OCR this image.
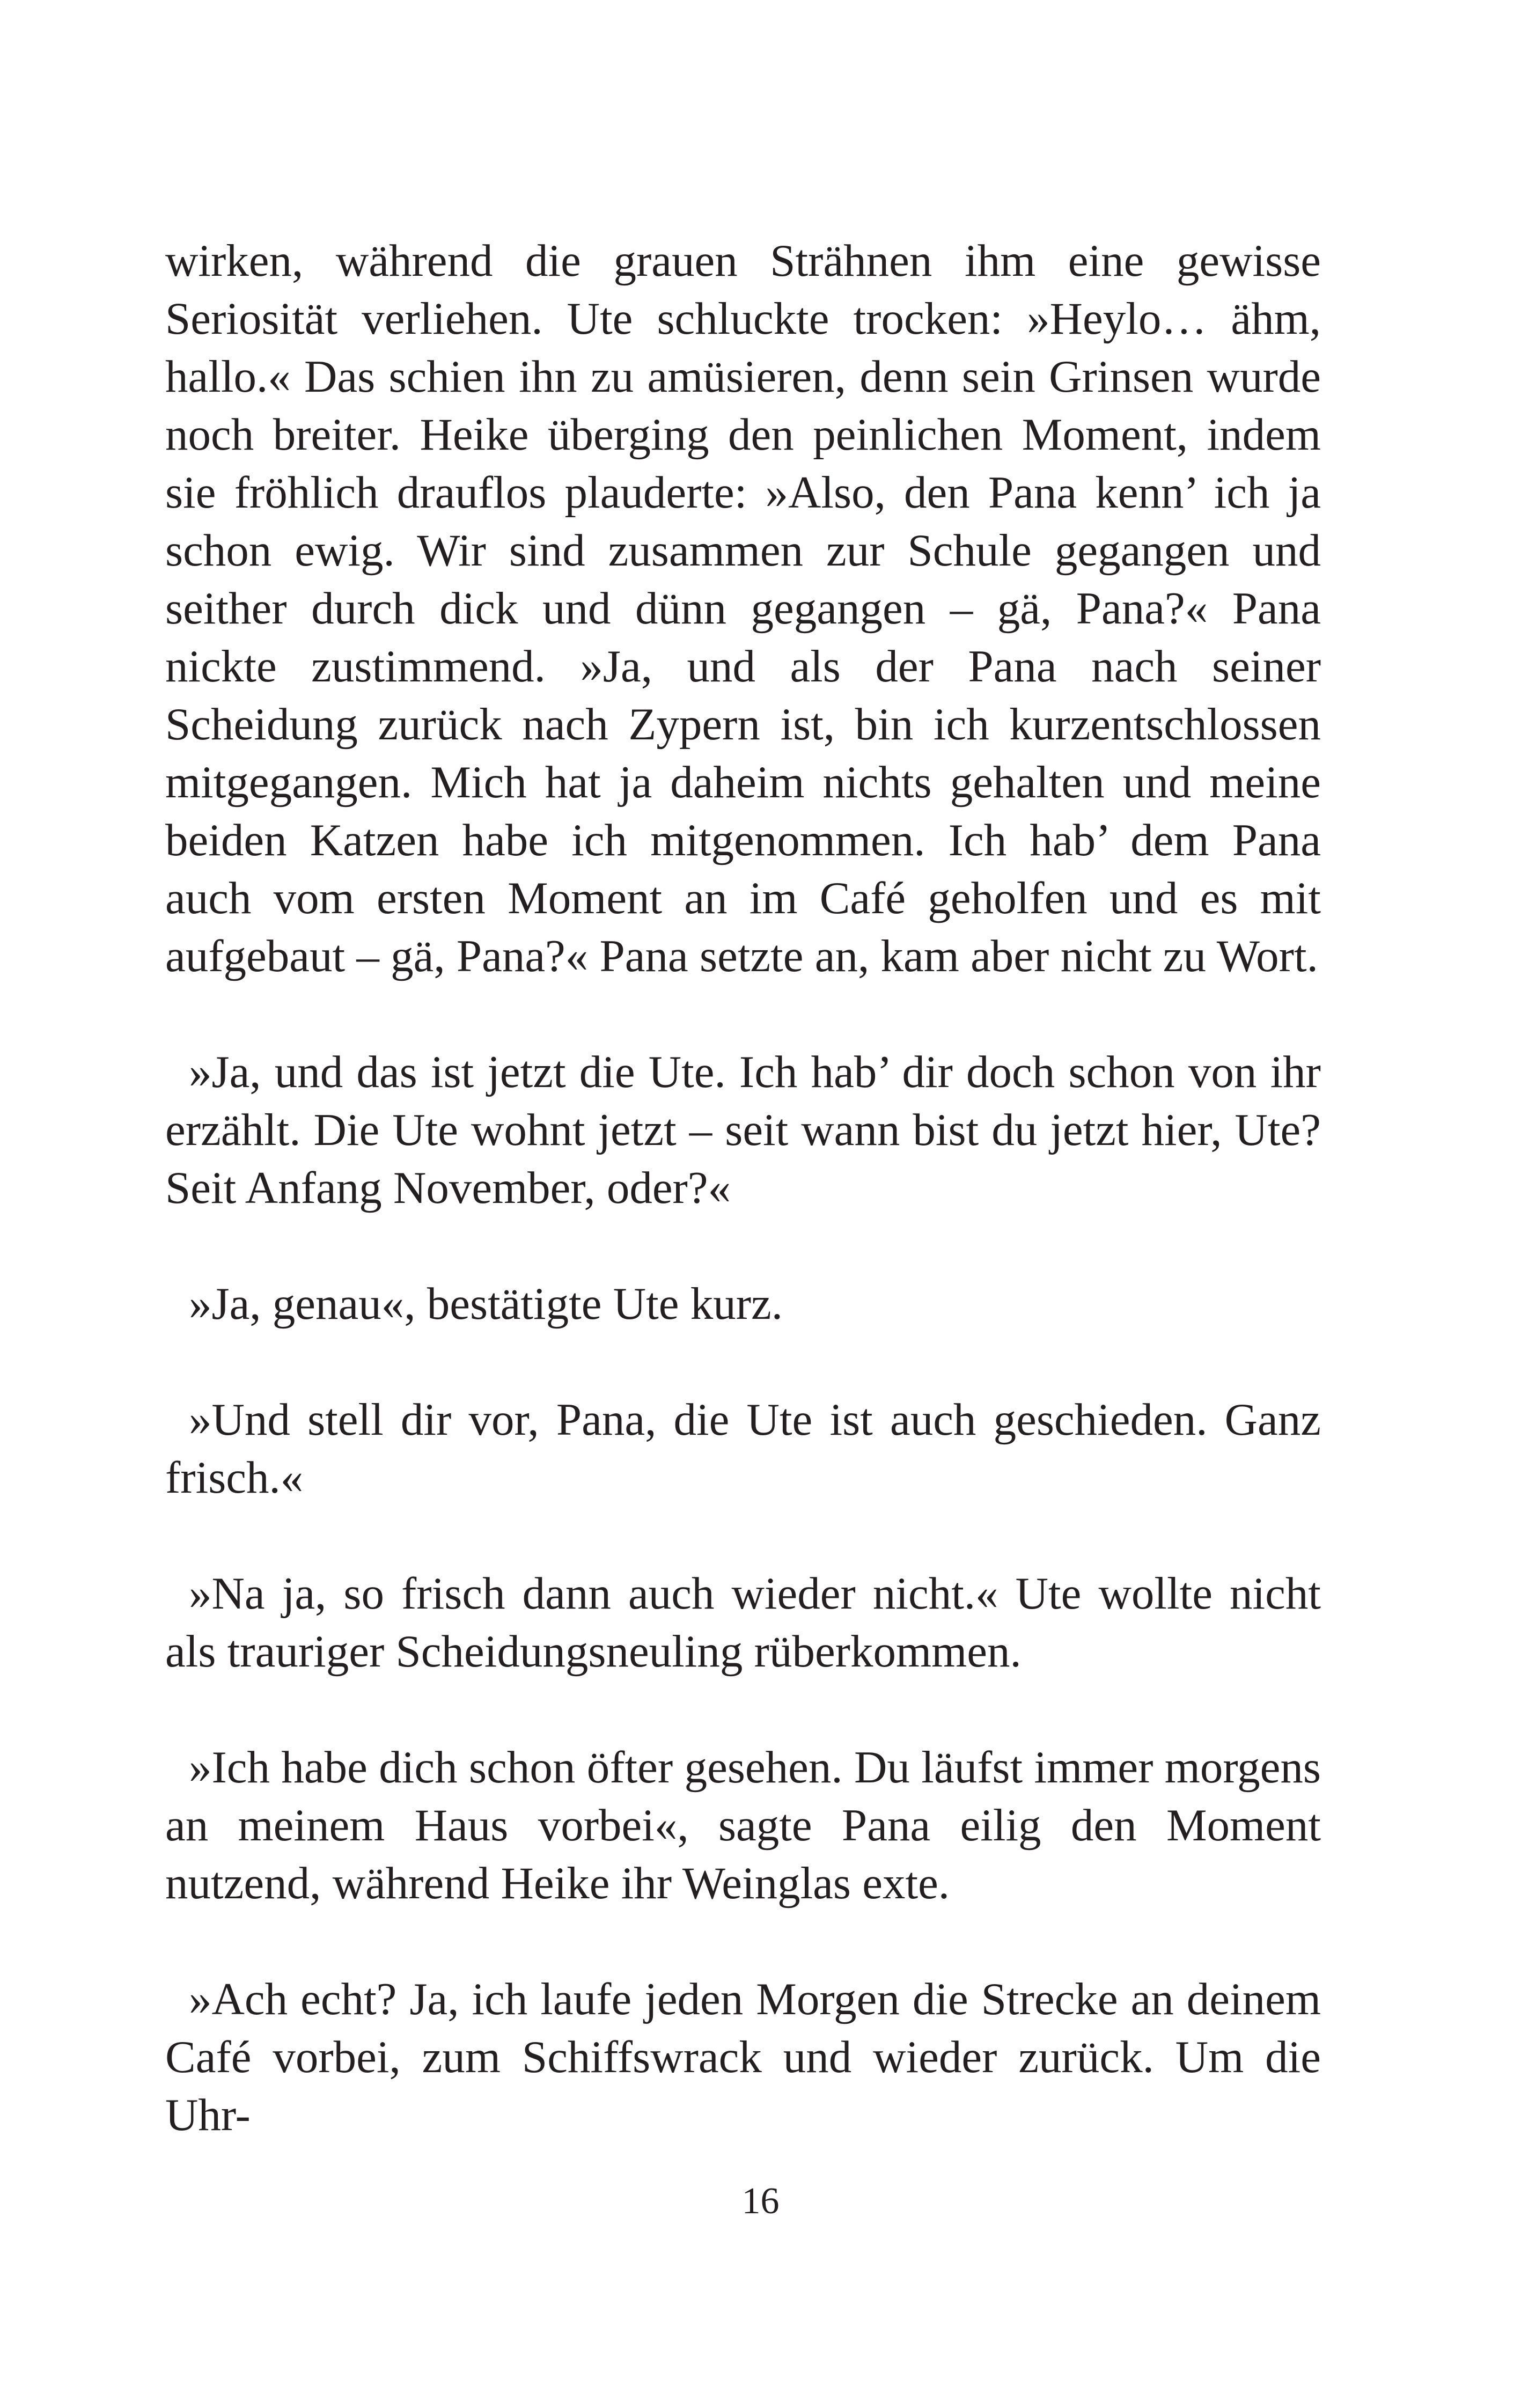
wirken, während die grauen Strähnen ihm eine gewisse Seriosität verliehen. Ute schluckte trocken: »Heylo… ähm, hallo.« Das schien ihn zu amüsieren, denn sein Grinsen wurde noch breiter. Heike überging den peinlichen Moment, indem sie fröhlich drauflos plauderte: »Also, den Pana kenn’ ich ja schon ewig. Wir sind zusammen zur Schule gegangen und seither durch dick und dünn gegangen – gä, Pana?« Pana nickte zustimmend. »Ja, und als der Pana nach seiner Scheidung zurück nach Zypern ist, bin ich kurzentschlossen mitgegangen. Mich hat ja daheim nichts gehalten und meine beiden Katzen habe ich mitgenommen. Ich hab’ dem Pana auch vom ersten Moment an im Café geholfen und es mit aufgebaut – gä, Pana?« Pana setzte an, kam aber nicht zu Wort.

»Ja, und das ist jetzt die Ute. Ich hab’ dir doch schon von ihr erzählt. Die Ute wohnt jetzt – seit wann bist du jetzt hier, Ute? Seit Anfang November, oder?«

»Ja, genau«, bestätigte Ute kurz.

»Und stell dir vor, Pana, die Ute ist auch geschieden. Ganz frisch.«

»Na ja, so frisch dann auch wieder nicht.« Ute wollte nicht als trauriger Scheidungsneuling rüberkommen.

»Ich habe dich schon öfter gesehen. Du läufst immer morgens an meinem Haus vorbei«, sagte Pana eilig den Moment nutzend, während Heike ihr Weinglas exte.

»Ach echt? Ja, ich laufe jeden Morgen die Strecke an deinem Café vorbei, zum Schiffswrack und wieder zurück. Um die Uhr-

16
